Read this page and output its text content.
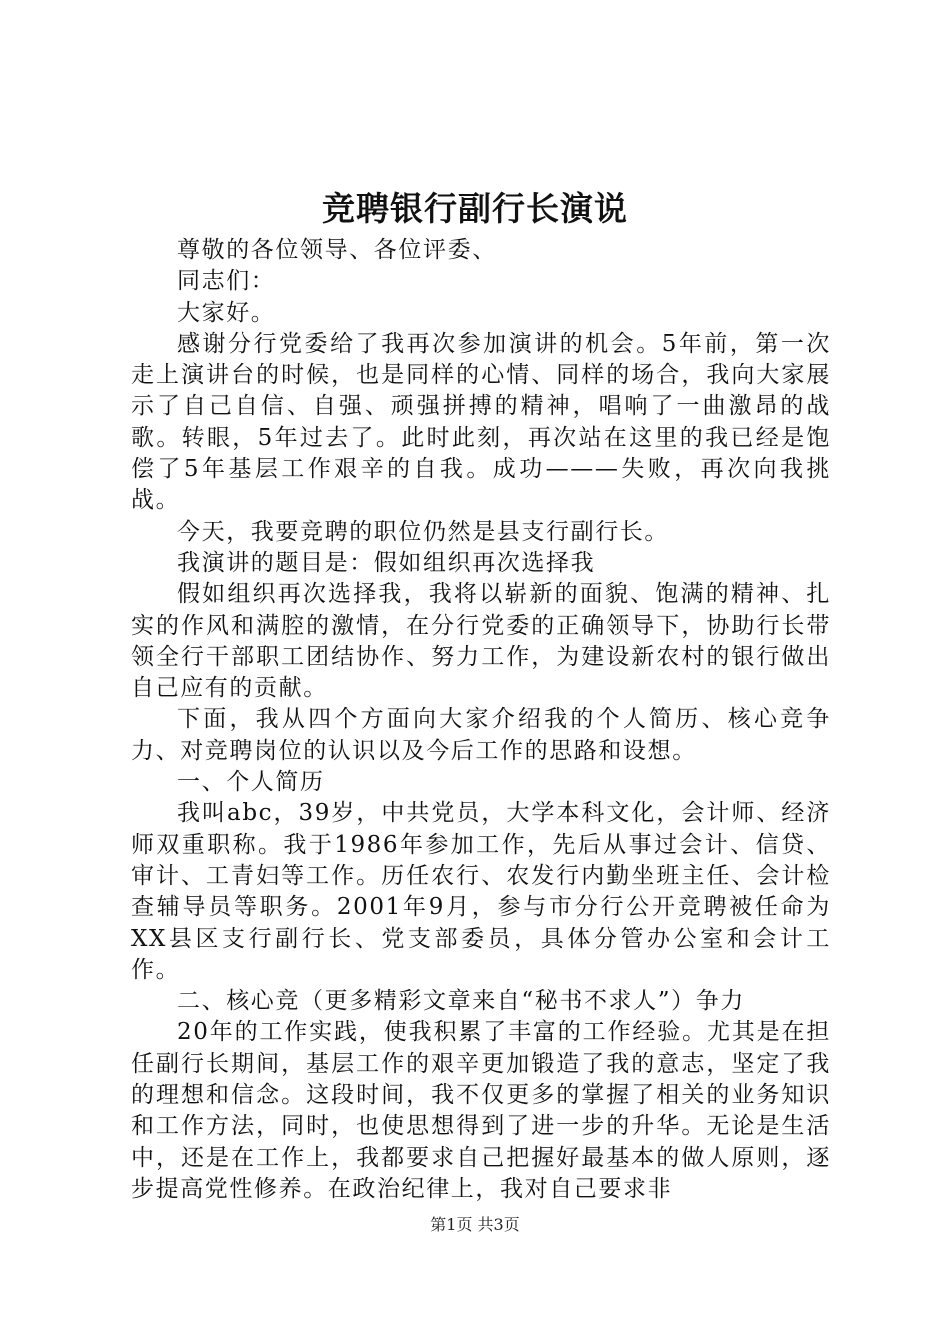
竞聘银行副行长演说

尊敬的各位领导、各位评委、

同志们：

大家好。

感谢分行党委给了我再次参加演讲的机会。5年前，第一次走上演讲台的时候，也是同样的心情、同样的场合，我向大家展示了自己自信、自强、顽强拼搏的精神，唱响了一曲激昂的战歌。转眼，5年过去了。此时此刻，再次站在这里的我已经是饱偿了5年基层工作艰辛的自我。成功———失败，再次向我挑战。

今天，我要竞聘的职位仍然是县支行副行长。

我演讲的题目是：假如组织再次选择我

假如组织再次选择我，我将以崭新的面貌、饱满的精神、扎实的作风和满腔的激情，在分行党委的正确领导下，协助行长带领全行干部职工团结协作、努力工作，为建设新农村的银行做出自己应有的贡献。

下面，我从四个方面向大家介绍我的个人简历、核心竞争力、对竞聘岗位的认识以及今后工作的思路和设想。

一、个人简历

我叫abc，39岁，中共党员，大学本科文化，会计师、经济师双重职称。我于1986年参加工作，先后从事过会计、信贷、审计、工青妇等工作。历任农行、农发行内勤坐班主任、会计检查辅导员等职务。2001年9月，参与市分行公开竞聘被任命为XX县区支行副行长、党支部委员，具体分管办公室和会计工作。

二、核心竞（更多精彩文章来自“秘书不求人”）争力

20年的工作实践，使我积累了丰富的工作经验。尤其是在担任副行长期间，基层工作的艰辛更加锻造了我的意志，坚定了我的理想和信念。这段时间，我不仅更多的掌握了相关的业务知识和工作方法，同时，也使思想得到了进一步的升华。无论是生活中，还是在工作上，我都要求自己把握好最基本的做人原则，逐步提高党性修养。在政治纪律上，我对自己要求非

第1页 共3页
